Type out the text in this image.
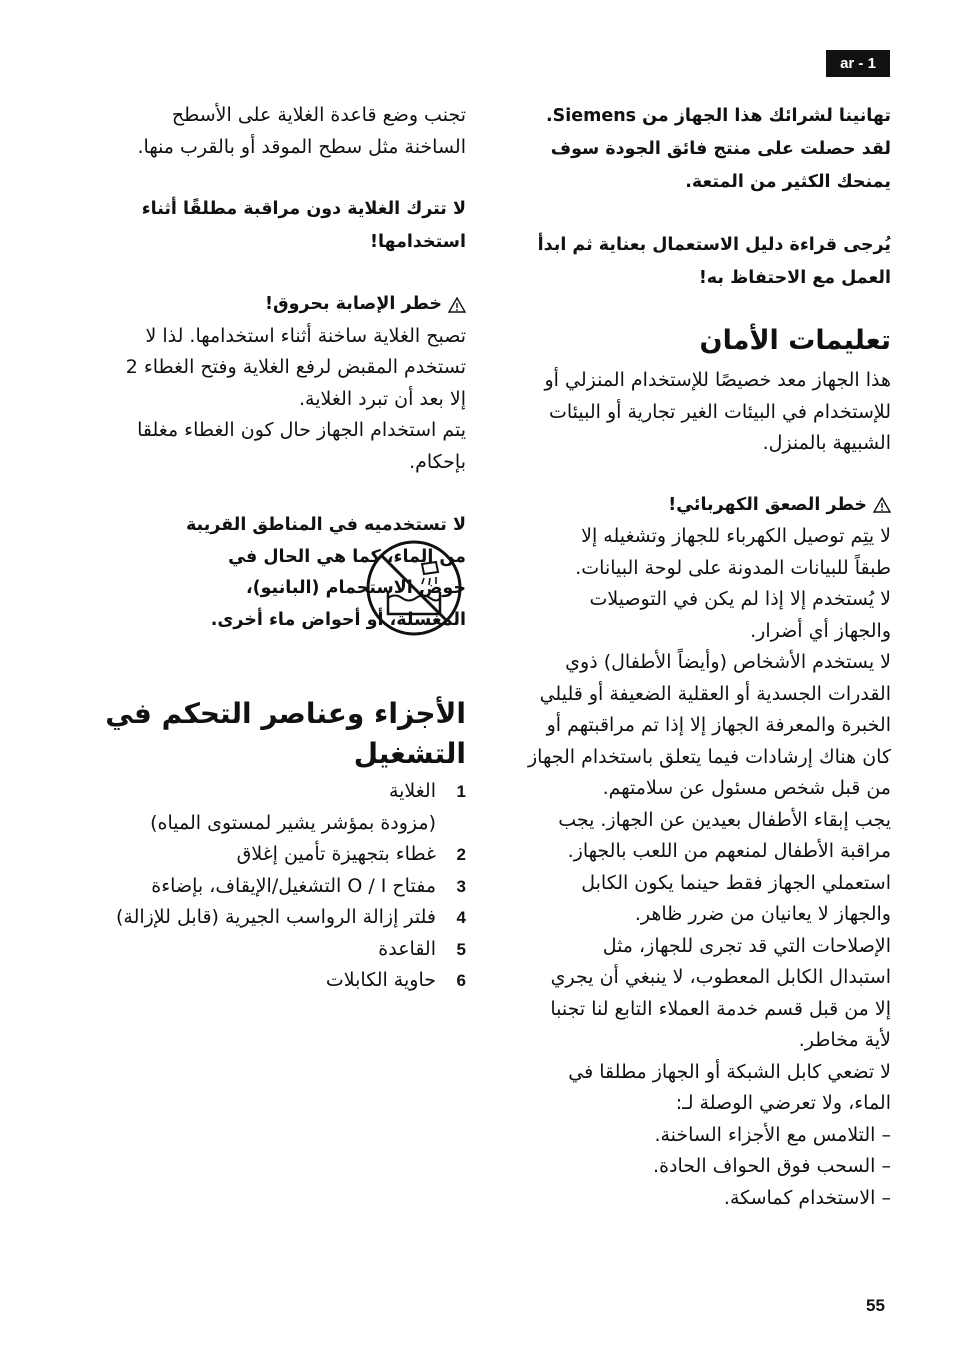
ar - 1

تهانينا لشرائك هذا الجهاز من Siemens.

لقد حصلت على منتج فائق الجودة سوف

يمنحك الكثير من المتعة.

يُرجى قراءة دليل الاستعمال بعناية ثم ابدأ

العمل مع الاحتفاظ به!

تعليمات الأمان

هذا الجهاز معد خصيصًا للإستخدام المنزلي أو

للإستخدام في البيئات الغير تجارية أو البيئات

الشبيهة بالمنزل.

خطر الصعق الكهربائي!

لا يتِم توصيل الكهرباء للجهاز وتشغيله إلا

طبقاً للبيانات المدونة على لوحة البيانات.

لا يُستخدم إلا إذا لم يكن في التوصيلات

والجهاز أي أضرار.

لا يستخدم الأشخاص (وأيضاً الأطفال) ذوي

القدرات الجسدية أو العقلية الضعيفة أو قليلي

الخبرة والمعرفة الجهاز إلا إذا تم مراقبتهم أو

كان هناك إرشادات فيما يتعلق باستخدام الجهاز

من قبل شخص مسئول عن سلامتهم.

يجب إبقاء الأطفال بعيدين عن الجهاز. يجب

مراقبة الأطفال لمنعهم من اللعب بالجهاز.

استعملي الجهاز فقط حينما يكون الكابل

والجهاز لا يعانيان من ضرر ظاهر.

الإصلاحات التي قد تجرى للجهاز، مثل

استبدال الكابل المعطوب، لا ينبغي أن يجري

إلا من قبل قسم خدمة العملاء التابع لنا تجنبا

لأية مخاطر.

لا تضعي كابل الشبكة أو الجهاز مطلقا في

الماء، ولا تعرضي الوصلة لـ:

– التلامس مع الأجزاء الساخنة.

– السحب فوق الحواف الحادة.

– الاستخدام كماسكة.

تجنب وضع قاعدة الغلاية على الأسطح

الساخنة مثل سطح الموقد أو بالقرب منها.

لا تترك الغلاية دون مراقبة مطلقًا أثناء

استخدامها!

خطر الإصابة بحروق!

تصبح الغلاية ساخنة أثناء استخدامها. لذا لا

تستخدم المقبض لرفع الغلاية وفتح الغطاء 2

إلا بعد أن تبرد الغلاية.

يتم استخدام الجهاز حال كون الغطاء مغلقا

بإحكام.

لا تستخدميه في المناطق القريبة
من الماء، كما هي الحال في
حوض الاستحمام (البانيو)،
المغسلة، أو أحواض ماء أخرى.
الأجزاء وعناصر التحكم في
التشغيل
1
الغلاية
(مزودة بمؤشر يشير لمستوى المياه)
2
غطاء بتجهيزة تأمين إغلاق
3
مفتاح O / I التشغيل/الإيقاف، بإضاءة
4
فلتر إزالة الرواسب الجيرية (قابل للإزالة)
5
القاعدة
6
حاوية الكابلات
55
